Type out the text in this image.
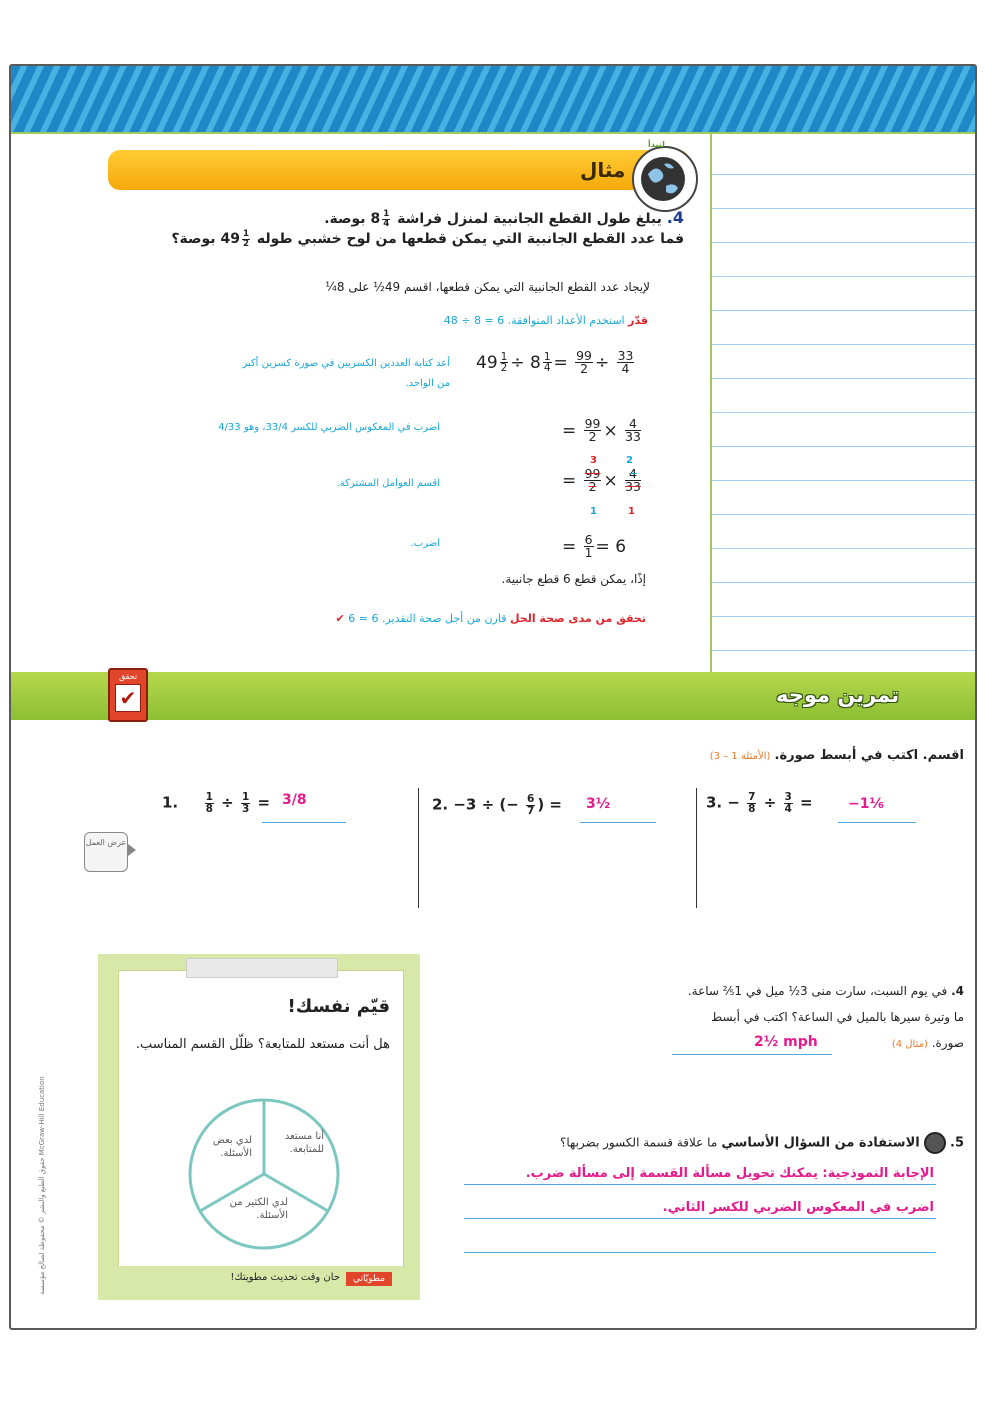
مثال
لنبدأ
4. يبلغ طول القطع الجانبية لمنزل فراشة $8 \frac{1}{4}$
بوصة.
فما عدد القطع الجانبية التي يمكن قطعها من لوح خشبي طوله $49 \frac{1}{2}$
بوصة؟
لإيجاد عدد القطع الجانبية التي يمكن قطعها، اقسم 49½ على 8¼
قدّر استخدم الأعداد المتوافقة. 6 = 8 ÷ 48
$49 \frac{1}{2} \div 8 \frac{1}{4} = \frac{99}{2} \div \frac{33}{4}$
أعد كتابة العددين الكسريين في صورة كسرين أكبر من الواحد.
= $\frac{99}{2} \times \frac{4}{33}$
اضرب في المعكوس الضربي للكسر 33/4، وهو 4/33
= $\frac{99}{2} \times \frac{4}{33}$
3	2
1	1
اقسم العوامل المشتركة.
= $\frac{6}{1} = 6$
اضرب.
إذًا، يمكن قطع 6 قطع جانبية.
تحقق من مدى صحة الحل قارن من أجل صحة التقدير. 6 = 6 ✔
تمرين موجه
تحقق
✔
اقسم. اكتب في أبسط صورة. (الأمثلة 1 – 3)
1.	$\frac{1}{8} \div \frac{1}{3} = 3/8$	2. −3 ÷ (− $\frac{6}{7}$ ) = 3½	3. − $\frac{7}{8} \div \frac{3}{4}$ =	−1⅙
عرض العمل
قيّم نفسك!
هل أنت مستعد للمتابعة؟ ظلّل القسم المناسب.
أنا مستعد للمتابعة.
لدي بعض الأسئلة.
لدي الكثير من الأسئلة.
مطويّاتي
حان وقت تحديث مطويتك!
4. في يوم السبت، سارت منى 3½ ميل في 1⅖ ساعة.
ما وتيرة سيرها بالميل في الساعة؟ اكتب في أبسط
صورة. (مثال 4)
2½ mph
5.  الاستفادة من السؤال الأساسي ما علاقة قسمة الكسور بضربها؟
الإجابة النموذجية: يمكنك تحويل مسألة القسمة إلى مسألة ضرب.
اضرب في المعكوس الضربي للكسر الثاني.
حقوق الطبع والنشر © محفوظة لصالح مؤسسة McGraw-Hill Education
